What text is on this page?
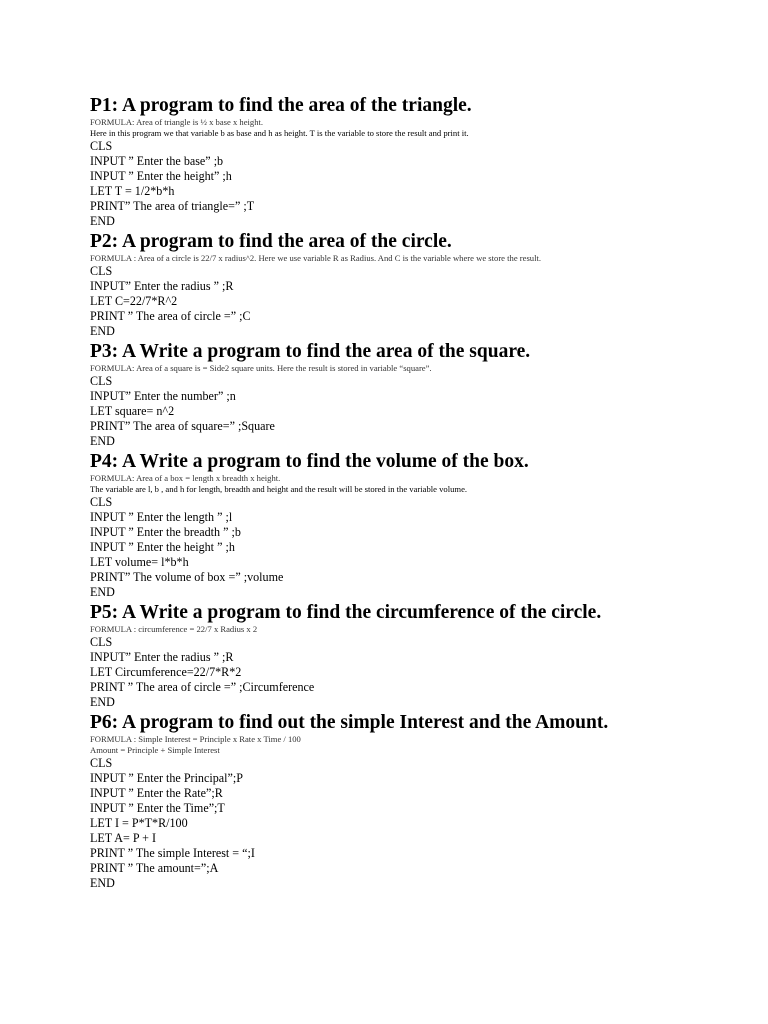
P1: A program to find the area of the triangle.
FORMULA: Area of triangle is ½ x base x height.
Here in this program we that variable b as base and h as height. T is the variable to store the result and print it.
CLS
INPUT ” Enter the base” ;b
INPUT ” Enter the height” ;h
LET T = 1/2*b*h
PRINT” The area of triangle=” ;T
END
P2: A program to find the area of the circle.
FORMULA : Area of a circle is 22/7 x radius^2. Here we use variable R as Radius. And C is the variable where we store the result.
CLS
INPUT” Enter the radius ” ;R
LET C=22/7*R^2
PRINT ” The area of circle =” ;C
END
P3: A Write a program to find the area of the square.
FORMULA: Area of a square is = Side2 square units. Here the result is stored in variable “square”.
CLS
INPUT” Enter the number” ;n
LET square= n^2
PRINT” The area of square=” ;Square
END
P4: A Write a program to find the volume of the box.
FORMULA: Area of a box = length x breadth x height.
The variable are l, b , and h for length, breadth and height and the result will be stored in the variable volume.
CLS
INPUT ” Enter the length ” ;l
INPUT ” Enter the breadth ” ;b
INPUT ” Enter the height ” ;h
LET volume= l*b*h
PRINT” The volume of box =” ;volume
END
P5: A Write a program to find the circumference of the circle.
FORMULA : circumference = 22/7 x Radius x 2
CLS
INPUT” Enter the radius ” ;R
LET Circumference=22/7*R*2
PRINT ” The area of circle =” ;Circumference
END
P6: A program to find out the simple Interest and the Amount.
FORMULA : Simple Interest = Principle x Rate x Time / 100
Amount = Principle + Simple Interest
CLS
INPUT ” Enter the Principal”;P
INPUT ” Enter the Rate”;R
INPUT ” Enter the Time”;T
LET I = P*T*R/100
LET A= P + I
PRINT ” The simple Interest = “;I
PRINT ” The amount=”;A
END
